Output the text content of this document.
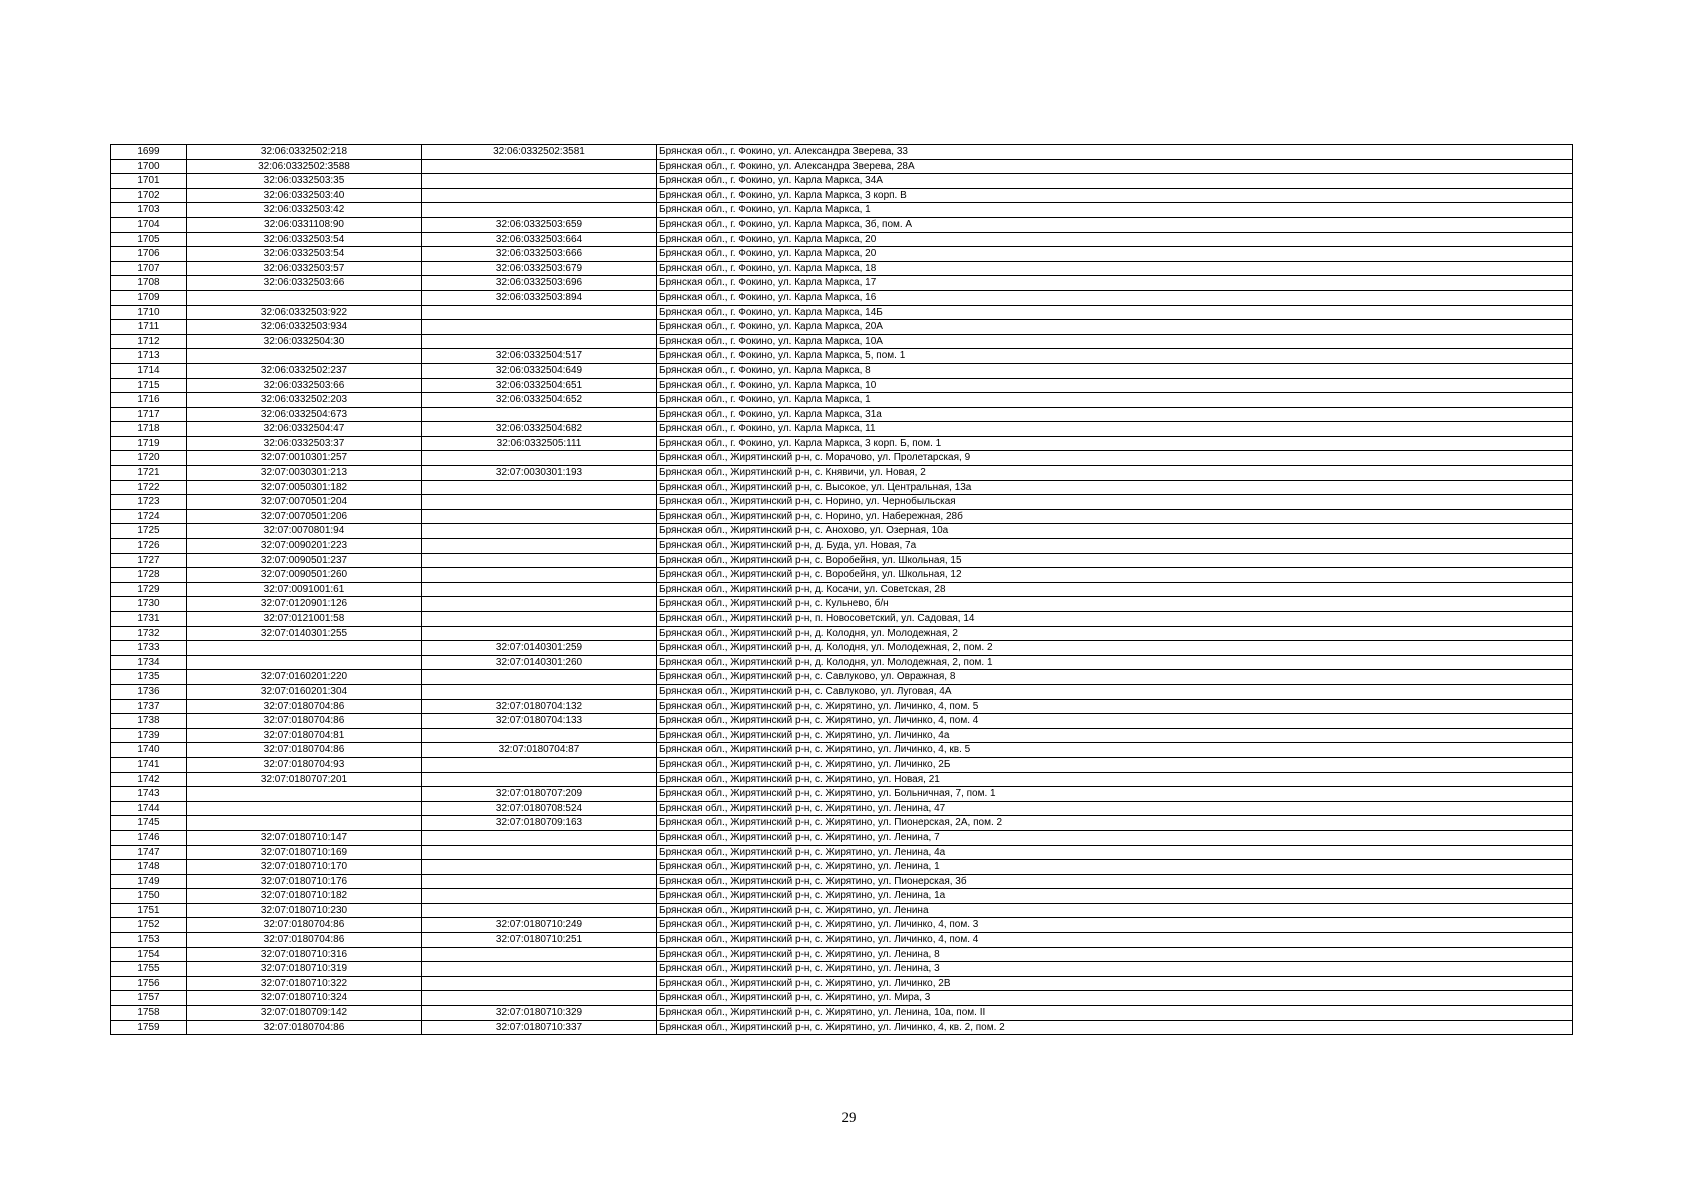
1699	32:06:0332502:218	32:06:0332502:3581	Брянская обл., г. Фокино, ул. Александра Зверева, 33
1700	32:06:0332502:3588		Брянская обл., г. Фокино, ул. Александра Зверева, 28А
1701	32:06:0332503:35		Брянская обл., г. Фокино, ул. Карла Маркса, 34А
1702	32:06:0332503:40		Брянская обл., г. Фокино, ул. Карла Маркса, 3 корп. В
1703	32:06:0332503:42		Брянская обл., г. Фокино, ул. Карла Маркса, 1
1704	32:06:0331108:90	32:06:0332503:659	Брянская обл., г. Фокино, ул. Карла Маркса, 3б, пом. А
1705	32:06:0332503:54	32:06:0332503:664	Брянская обл., г. Фокино, ул. Карла Маркса, 20
1706	32:06:0332503:54	32:06:0332503:666	Брянская обл., г. Фокино, ул. Карла Маркса, 20
1707	32:06:0332503:57	32:06:0332503:679	Брянская обл., г. Фокино, ул. Карла Маркса, 18
1708	32:06:0332503:66	32:06:0332503:696	Брянская обл., г. Фокино, ул. Карла Маркса, 17
1709		32:06:0332503:894	Брянская обл., г. Фокино, ул. Карла Маркса, 16
1710	32:06:0332503:922		Брянская обл., г. Фокино, ул. Карла Маркса, 14Б
1711	32:06:0332503:934		Брянская обл., г. Фокино, ул. Карла Маркса, 20А
1712	32:06:0332504:30		Брянская обл., г. Фокино, ул. Карла Маркса, 10А
1713		32:06:0332504:517	Брянская обл., г. Фокино, ул. Карла Маркса, 5, пом. 1
1714	32:06:0332502:237	32:06:0332504:649	Брянская обл., г. Фокино, ул. Карла Маркса, 8
1715	32:06:0332503:66	32:06:0332504:651	Брянская обл., г. Фокино, ул. Карла Маркса, 10
1716	32:06:0332502:203	32:06:0332504:652	Брянская обл., г. Фокино, ул. Карла Маркса, 1
1717	32:06:0332504:673		Брянская обл., г. Фокино, ул. Карла Маркса, 31а
1718	32:06:0332504:47	32:06:0332504:682	Брянская обл., г. Фокино, ул. Карла Маркса, 11
1719	32:06:0332503:37	32:06:0332505:111	Брянская обл., г. Фокино, ул. Карла Маркса, 3 корп. Б, пом. 1
1720	32:07:0010301:257		Брянская обл., Жирятинский р-н, с. Морачово, ул. Пролетарская, 9
1721	32:07:0030301:213	32:07:0030301:193	Брянская обл., Жирятинский р-н, с. Княвичи, ул. Новая, 2
1722	32:07:0050301:182		Брянская обл., Жирятинский р-н, с. Высокое, ул. Центральная, 13а
1723	32:07:0070501:204		Брянская обл., Жирятинский р-н, с. Норино, ул. Чернобыльская
1724	32:07:0070501:206		Брянская обл., Жирятинский р-н, с. Норино, ул. Набережная, 28б
1725	32:07:0070801:94		Брянская обл., Жирятинский р-н, с. Анохово, ул. Озерная, 10а
1726	32:07:0090201:223		Брянская обл., Жирятинский р-н, д. Буда, ул. Новая, 7а
1727	32:07:0090501:237		Брянская обл., Жирятинский р-н, с. Воробейня, ул. Школьная, 15
1728	32:07:0090501:260		Брянская обл., Жирятинский р-н, с. Воробейня, ул. Школьная, 12
1729	32:07:0091001:61		Брянская обл., Жирятинский р-н, д. Косачи, ул. Советская, 28
1730	32:07:0120901:126		Брянская обл., Жирятинский р-н, с. Кульнево, б/н
1731	32:07:0121001:58		Брянская обл., Жирятинский р-н, п. Новосоветский, ул. Садовая, 14
1732	32:07:0140301:255		Брянская обл., Жирятинский р-н, д. Колодня, ул. Молодежная, 2
1733		32:07:0140301:259	Брянская обл., Жирятинский р-н, д. Колодня, ул. Молодежная, 2, пом. 2
1734		32:07:0140301:260	Брянская обл., Жирятинский р-н, д. Колодня, ул. Молодежная, 2, пом. 1
1735	32:07:0160201:220		Брянская обл., Жирятинский р-н, с. Савлуково, ул. Овражная, 8
1736	32:07:0160201:304		Брянская обл., Жирятинский р-н, с. Савлуково, ул. Луговая, 4А
1737	32:07:0180704:86	32:07:0180704:132	Брянская обл., Жирятинский р-н, с. Жирятино, ул. Личинко, 4, пом. 5
1738	32:07:0180704:86	32:07:0180704:133	Брянская обл., Жирятинский р-н, с. Жирятино, ул. Личинко, 4, пом. 4
1739	32:07:0180704:81		Брянская обл., Жирятинский р-н, с. Жирятино, ул. Личинко, 4а
1740	32:07:0180704:86	32:07:0180704:87	Брянская обл., Жирятинский р-н, с. Жирятино, ул. Личинко, 4, кв. 5
1741	32:07:0180704:93		Брянская обл., Жирятинский р-н, с. Жирятино, ул. Личинко, 2Б
1742	32:07:0180707:201		Брянская обл., Жирятинский р-н, с. Жирятино, ул. Новая, 21
1743		32:07:0180707:209	Брянская обл., Жирятинский р-н, с. Жирятино, ул. Больничная, 7, пом. 1
1744		32:07:0180708:524	Брянская обл., Жирятинский р-н, с. Жирятино, ул. Ленина, 47
1745		32:07:0180709:163	Брянская обл., Жирятинский р-н, с. Жирятино, ул. Пионерская, 2А, пом. 2
1746	32:07:0180710:147		Брянская обл., Жирятинский р-н, с. Жирятино, ул. Ленина, 7
1747	32:07:0180710:169		Брянская обл., Жирятинский р-н, с. Жирятино, ул. Ленина, 4а
1748	32:07:0180710:170		Брянская обл., Жирятинский р-н, с. Жирятино, ул. Ленина, 1
1749	32:07:0180710:176		Брянская обл., Жирятинский р-н, с. Жирятино, ул. Пионерская, 3б
1750	32:07:0180710:182		Брянская обл., Жирятинский р-н, с. Жирятино, ул. Ленина, 1а
1751	32:07:0180710:230		Брянская обл., Жирятинский р-н, с. Жирятино, ул. Ленина
1752	32:07:0180704:86	32:07:0180710:249	Брянская обл., Жирятинский р-н, с. Жирятино, ул. Личинко, 4, пом. 3
1753	32:07:0180704:86	32:07:0180710:251	Брянская обл., Жирятинский р-н, с. Жирятино, ул. Личинко, 4, пом. 4
1754	32:07:0180710:316		Брянская обл., Жирятинский р-н, с. Жирятино, ул. Ленина, 8
1755	32:07:0180710:319		Брянская обл., Жирятинский р-н, с. Жирятино, ул. Ленина, 3
1756	32:07:0180710:322		Брянская обл., Жирятинский р-н, с. Жирятино, ул. Личинко, 2В
1757	32:07:0180710:324		Брянская обл., Жирятинский р-н, с. Жирятино, ул. Мира, 3
1758	32:07:0180709:142	32:07:0180710:329	Брянская обл., Жирятинский р-н, с. Жирятино, ул. Ленина, 10а, пом. II
1759	32:07:0180704:86	32:07:0180710:337	Брянская обл., Жирятинский р-н, с. Жирятино, ул. Личинко, 4, кв. 2, пом. 2
29
